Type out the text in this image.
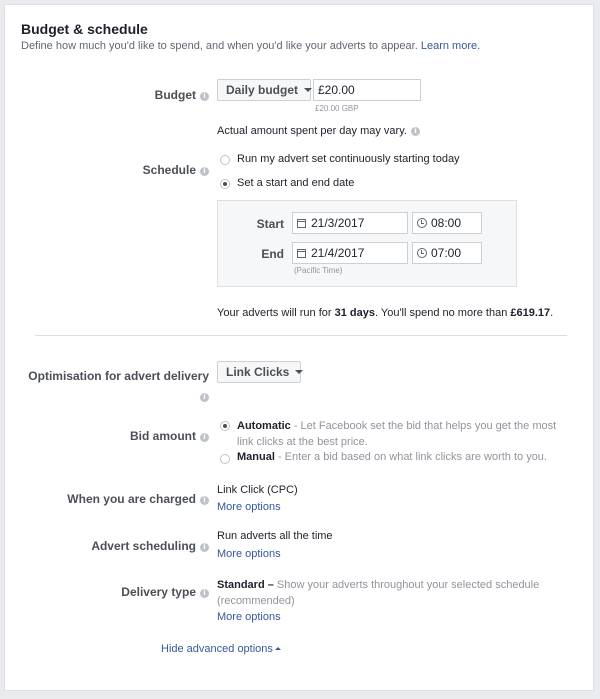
Budget & schedule
Define how much you'd like to spend, and when you'd like your adverts to appear. Learn more.
Budget i	Daily budget	£20.00
£20.00 GBP
Actual amount spent per day may vary. i
Schedule i
Run my advert set continuously starting today
Set a start and end date
Start	21/3/2017	08:00
End	21/4/2017	07:00
(Pacific Time)
Your adverts will run for 31 days. You'll spend no more than £619.17.
Optimisation for advert delivery
i
Link Clicks
Bid amount i
Automatic - Let Facebook set the bid that helps you get the most link clicks at the best price.
Manual - Enter a bid based on what link clicks are worth to you.
When you are charged i
Link Click (CPC)
More options
Advert scheduling i
Run adverts all the time
More options
Delivery type i
Standard – Show your adverts throughout your selected schedule (recommended)
More options
Hide advanced options
